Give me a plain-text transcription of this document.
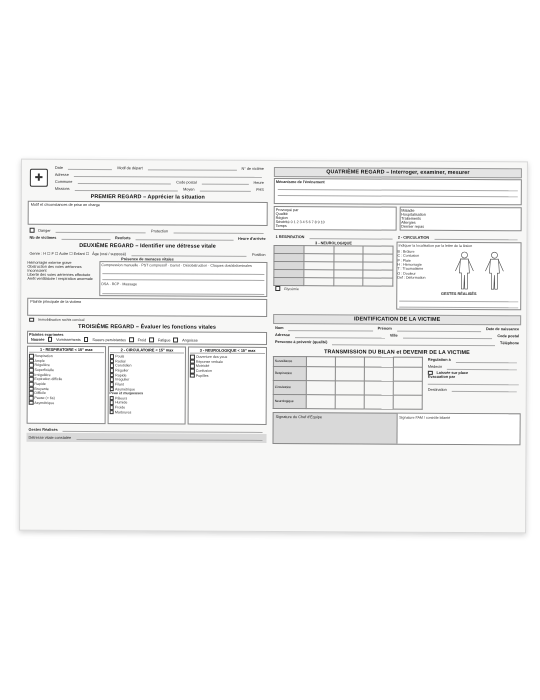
✚
Date	Motif de départ	N° de victime
Adresse
Commune	Code postal	Heure
Missions	Moyen	FHS
PREMIER REGARD – Apprécier la situation
Motif et circonstances de prise en charge
Danger	Protection
Nb de victimes	Renforts	Heure d'arrivée
DEUXIÈME REGARD – Identifier une détresse vitale
Genre : H ☐ F ☐ Autre ☐ Enfant ☐ Âge (vrai / supposé)	Position
Présence de menaces vitales
Hémorragie externe grave
Obstruction des voies aériennes
Inconscient
Liberté des voies aériennes effectuée
Arrêt ventilatoire / respiration anormale
Compression manuelle · PST compressif · Garrot · Désobstruction · Claques dos/abdominales
DSA · RCP · Massage
Plainte principale de la victime
Immobilisation rachis cervical
TROISIÈME REGARD – Évaluer les fonctions vitales
Plaintes exprimées
Nausée	Vomissements	Sueurs persistantes	Froid	Fatigue	Angoisse
1 - RESPIRATOIRE < 15" max
Respiration
Ample
Régulière
Superficielle
Irrégulière
Expiration difficile
Rapide
Bruyante
Difficile
Pause (> 6s)
Asymétrique
2 - CIRCULATOIRE < 15" max
Pouls
Radial
Carotidien
Régulier
Rapide
Irrégulier
Filant
Asymétrique
Peau et muqueuses
Pâleurs
Humide
Froide
Marbrures
3 - NEUROLOGIQUE < 15" max
Ouverture des yeux
Réponse verbale
Motricité
Confusion
Pupilles
Gestes Réalisés
Détresse vitale constatée
QUATRIÈME REGARD – Interroger, examiner, mesurer
Mécanisme de l'événement
Provoqué par
Qualité
Région
Sévérité 0 1 2 3 4 5 6 7 8 9 10
Temps
Maladie
Hospitalisation
Traitements
Allergies
Dernier repas
1 RESPIRATION	2 - CIRCULATION
3 - NEUROLOGIQUE

Glycémie
Indiquer la localisation par la lettre de la lésion
B : Brûlure
C : Contusion
P : Plaie
H : Hémorragie
T : Traumatisme
O : Douleur
Def : Déformation
GESTES RÉALISÉS
IDENTIFICATION DE LA VICTIME
Nom	Prénom	Date de naissance
Adresse	Ville	Code postal
Personne à prévenir (qualité)	Téléphone
TRANSMISSION DU BILAN et DEVENIR DE LA VICTIME
Surveillance				
Respiratoire				
Circulatoire				
Neurologique				
Régulation à
Médecin
Laissée sur place
Évacuation par
Destination
Signature du Chef d'Équipe	Signature FAM / contrôle bilanté
